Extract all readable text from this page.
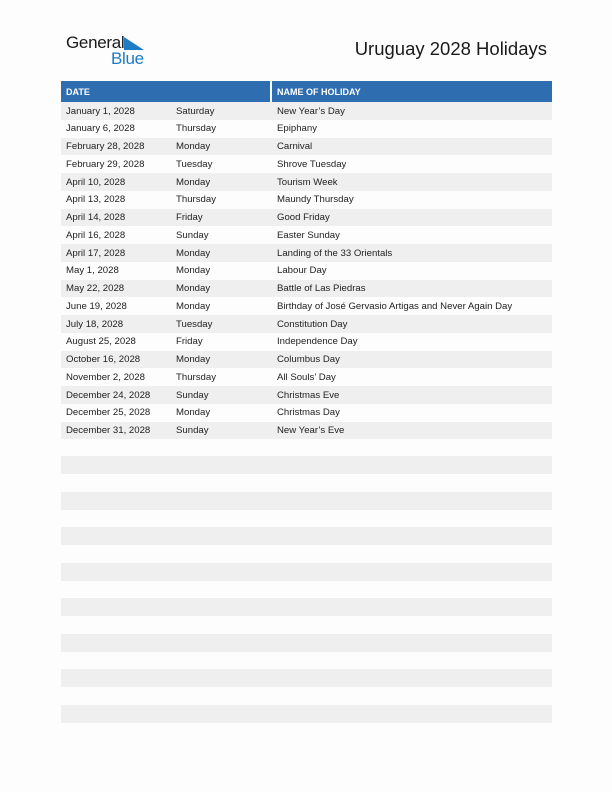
General
Blue	Uruguay 2028 Holidays
DATE	NAME OF HOLIDAY
January 1, 2028	Saturday	New Year’s Day
January 6, 2028	Thursday	Epiphany
February 28, 2028	Monday	Carnival
February 29, 2028	Tuesday	Shrove Tuesday
April 10, 2028	Monday	Tourism Week
April 13, 2028	Thursday	Maundy Thursday
April 14, 2028	Friday	Good Friday
April 16, 2028	Sunday	Easter Sunday
April 17, 2028	Monday	Landing of the 33 Orientals
May 1, 2028	Monday	Labour Day
May 22, 2028	Monday	Battle of Las Piedras
June 19, 2028	Monday	Birthday of José Gervasio Artigas and Never Again Day
July 18, 2028	Tuesday	Constitution Day
August 25, 2028	Friday	Independence Day
October 16, 2028	Monday	Columbus Day
November 2, 2028	Thursday	All Souls’ Day
December 24, 2028	Sunday	Christmas Eve
December 25, 2028	Monday	Christmas Day
December 31, 2028	Sunday	New Year’s Eve
